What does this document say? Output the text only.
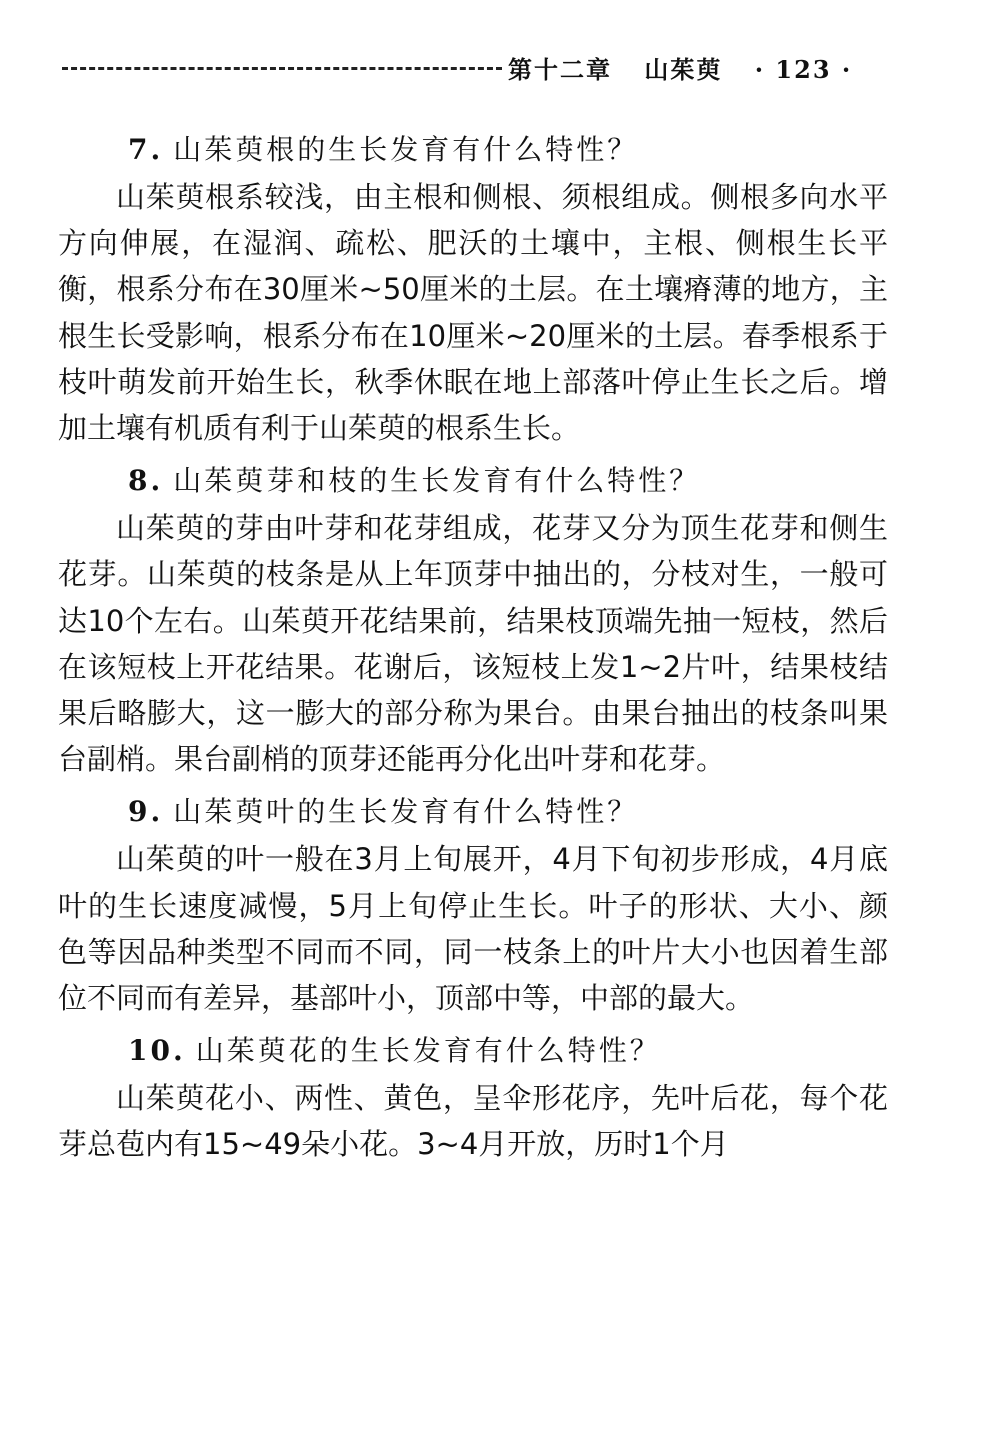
第十二章 山茱萸 · 123 ·
7. 山茱萸根的生长发育有什么特性？
山茱萸根系较浅，由主根和侧根、须根组成。侧根多向水平方向伸展，在湿润、疏松、肥沃的土壤中，主根、侧根生长平衡，根系分布在30厘米~50厘米的土层。在土壤瘠薄的地方，主根生长受影响，根系分布在10厘米~20厘米的土层。春季根系于枝叶萌发前开始生长，秋季休眠在地上部落叶停止生长之后。增加土壤有机质有利于山茱萸的根系生长。
8. 山茱萸芽和枝的生长发育有什么特性？
山茱萸的芽由叶芽和花芽组成，花芽又分为顶生花芽和侧生花芽。山茱萸的枝条是从上年顶芽中抽出的，分枝对生，一般可达10个左右。山茱萸开花结果前，结果枝顶端先抽一短枝，然后在该短枝上开花结果。花谢后，该短枝上发1~2片叶，结果枝结果后略膨大，这一膨大的部分称为果台。由果台抽出的枝条叫果台副梢。果台副梢的顶芽还能再分化出叶芽和花芽。
9. 山茱萸叶的生长发育有什么特性？
山茱萸的叶一般在3月上旬展开，4月下旬初步形成，4月底叶的生长速度减慢，5月上旬停止生长。叶子的形状、大小、颜色等因品种类型不同而不同，同一枝条上的叶片大小也因着生部位不同而有差异，基部叶小，顶部中等，中部的最大。
10. 山茱萸花的生长发育有什么特性？
山茱萸花小、两性、黄色，呈伞形花序，先叶后花，每个花芽总苞内有15~49朵小花。3~4月开放，历时1个月
